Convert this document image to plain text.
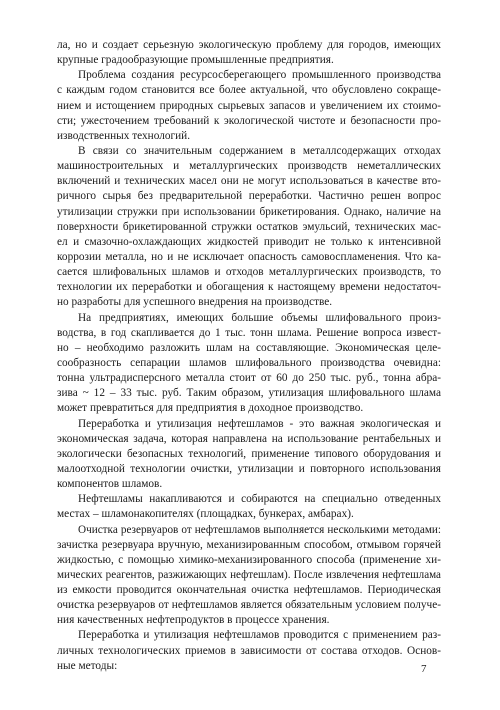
ла, но и создает серьезную экологическую проблему для городов, имеющих
крупные градообразующие промышленные предприятия.
Проблема создания ресурсосберегающего промышленного производства
с каждым годом становится все более актуальной, что обусловлено сокраще-
нием и истощением природных сырьевых запасов и увеличением их стоимо-
сти; ужесточением требований к экологической чистоте и безопасности про-
изводственных технологий.
В связи со значительным содержанием в металлсодержащих отходах
машиностроительных и металлургических производств неметаллических
включений и технических масел они не могут использоваться в качестве вто-
ричного сырья без предварительной переработки. Частично решен вопрос
утилизации стружки при использовании брикетирования. Однако, наличие на
поверхности брикетированной стружки остатков эмульсий, технических мас-
ел и смазочно-охлаждающих жидкостей приводит не только к интенсивной
коррозии металла, но и не исключает опасность самовоспламенения. Что ка-
сается шлифовальных шламов и отходов металлургических производств, то
технологии их переработки и обогащения к настоящему времени недостаточ-
но разработы для успешного внедрения на производстве.
На предприятиях, имеющих большие объемы шлифовального произ-
водства, в год скапливается до 1 тыс. тонн шлама. Решение вопроса извест-
но – необходимо разложить шлам на составляющие. Экономическая целе-
сообразность сепарации шламов шлифовального производства очевидна:
тонна ультрадисперсного металла стоит от 60 до 250 тыс. руб., тонна абра-
зива ~ 12 – 33 тыс. руб. Таким образом, утилизация шлифовального шлама
может превратиться для предприятия в доходное производство.
Переработка и утилизация нефтешламов - это важная экологическая и
экономическая задача, которая направлена на использование рентабельных и
экологически безопасных технологий, применение типового оборудования и
малоотходной технологии очистки, утилизации и повторного использования
компонентов шламов.
Нефтешламы накапливаются и собираются на специально отведенных
местах – шламонакопителях (площадках, бункерах, амбарах).
Очистка резервуаров от нефтешламов выполняется несколькими методами:
зачистка резервуара вручную, механизированным способом, отмывом горячей
жидкостью, с помощью химико-механизированного способа (применение хи-
мических реагентов, разжижающих нефтешлам). После извлечения нефтешлама
из емкости проводится окончательная очистка нефтешламов. Периодическая
очистка резервуаров от нефтешламов является обязательным условием получе-
ния качественных нефтепродуктов в процессе хранения.
Переработка и утилизация нефтешламов проводится с применением раз-
личных технологических приемов в зависимости от состава отходов. Основ-
ные методы:	7
